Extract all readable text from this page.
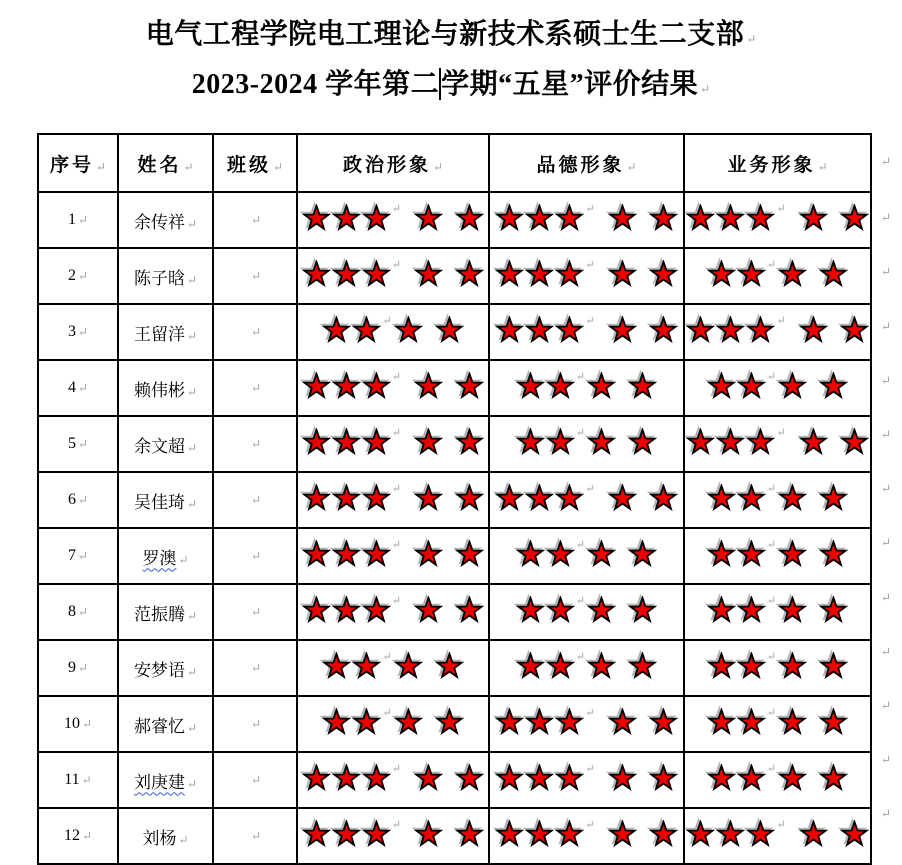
电气工程学院电工理论与新技术系硕士生二支部 ↵
2023-2024 学年第二学期“五星”评价结果 ↵
序号 ↵	姓名 ↵	班级 ↵	政治形象 ↵	品德形象 ↵	业务形象 ↵
1 ↵	余传祥 ↵	↵	↵	↵	↵

2 ↵	陈子晗 ↵	↵	↵	↵	↵

3 ↵	王留洋 ↵	↵	↵	↵	↵

4 ↵	赖伟彬 ↵	↵	↵	↵	↵

5 ↵	余文超 ↵	↵	↵	↵	↵

6 ↵	吴佳琦 ↵	↵	↵	↵	↵

7 ↵	罗澳 ↵	↵	↵	↵	↵

8 ↵	范振腾 ↵	↵	↵	↵	↵

9 ↵	安梦语 ↵	↵	↵	↵	↵

10 ↵	郝睿忆 ↵	↵	↵	↵	↵

11 ↵	刘庚建 ↵	↵	↵	↵	↵

12 ↵	刘杨 ↵	↵	↵	↵	↵
↵
↵
↵
↵
↵
↵
↵
↵
↵
↵
↵
↵
↵
